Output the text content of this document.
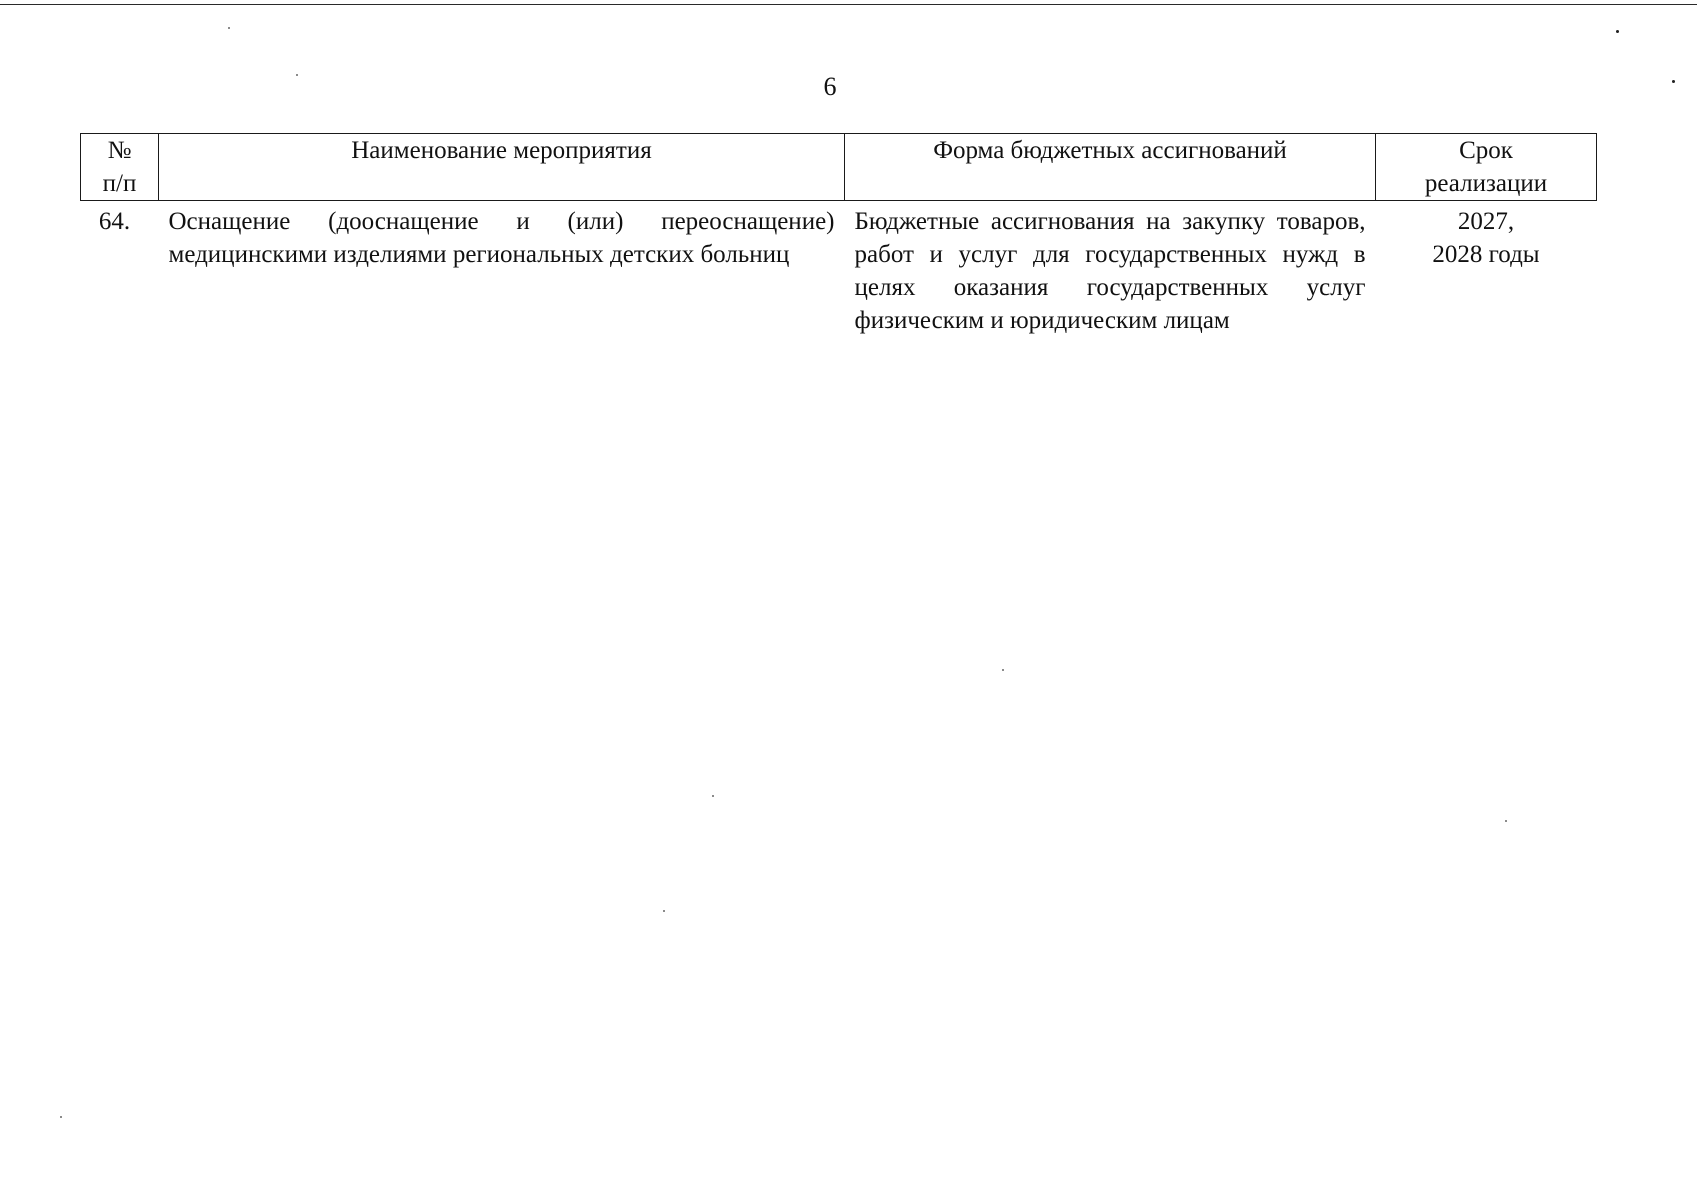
6
№
п/п	Наименование мероприятия	Форма бюджетных ассигнований	Срок
реализации

64.	Оснащение (дооснащение и (или) переоснащение) медицинскими изделиями региональных детских больниц	Бюджетные ассигнования на закупку товаров, работ и услуг для государственных нужд в целях оказания государственных услуг физическим и юридическим лицам	2027,
2028 годы
